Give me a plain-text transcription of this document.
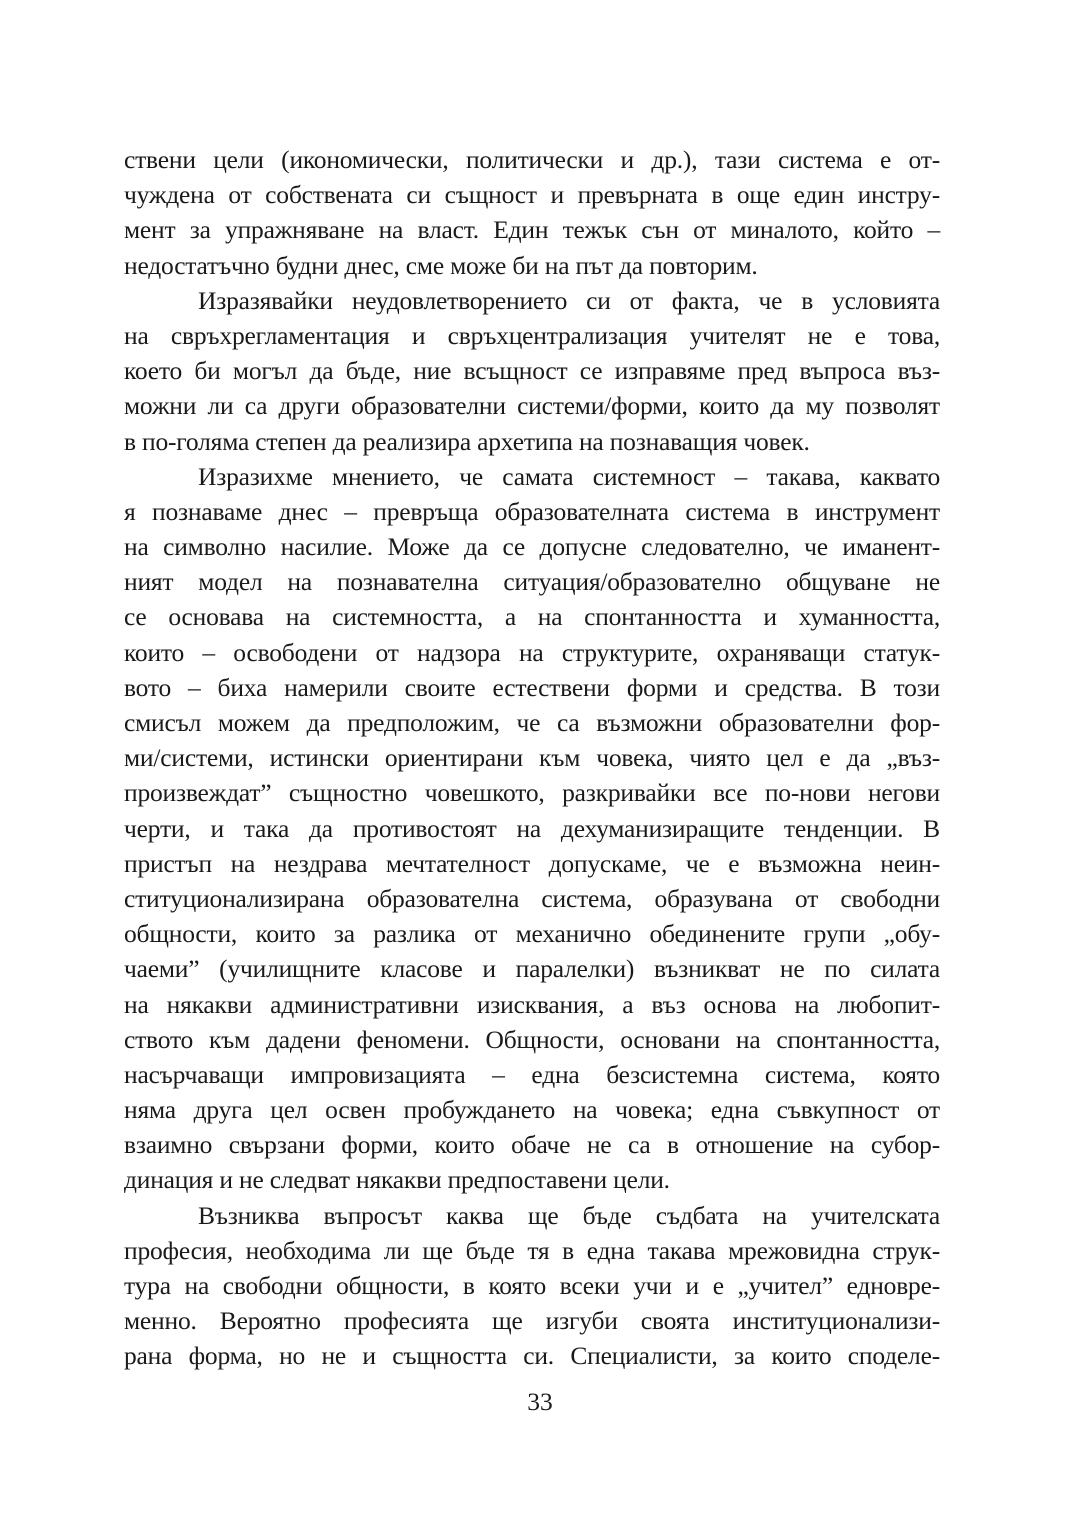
ствени цели (икономически, политически и др.), тази система е от-
чуждена от собствената си същност и превърната в още един инстру-
мент за упражняване на власт. Един тежък сън от миналото, който –
недостатъчно будни днес, сме може би на път да повторим.
Изразявайки неудовлетворението си от факта, че в условията
на свръхрегламентация и свръхцентрализация учителят не е това,
което би могъл да бъде, ние всъщност се изправяме пред въпроса въз-
можни ли са други образователни системи/форми, които да му позволят
в по-голяма степен да реализира архетипа на познаващия човек.
Изразихме мнението, че самата системност – такава, каквато
я познаваме днес – превръща образователната система в инструмент
на символно насилие. Може да се допусне следователно, че иманент-
ният модел на познавателна ситуация/образователно общуване не
се основава на системността, а на спонтанността и хуманността,
които – освободени от надзора на структурите, охраняващи статук-
вото – биха намерили своите естествени форми и средства. В този
смисъл можем да предположим, че са възможни образователни фор-
ми/системи, истински ориентирани към човека, чиято цел е да „въз-
произвеждат” същностно човешкото, разкривайки все по-нови негови
черти, и така да противостоят на дехуманизиращите тенденции. В
пристъп на нездрава мечтателност допускаме, че е възможна неин-
ституционализирана образователна система, образувана от свободни
общности, които за разлика от механично обединените групи „обу-
чаеми” (училищните класове и паралелки) възникват не по силата
на някакви административни изисквания, а въз основа на любопит-
ството към дадени феномени. Общности, основани на спонтанността,
насърчаващи импровизацията – една безсистемна система, която
няма друга цел освен пробуждането на човека; една съвкупност от
взаимно свързани форми, които обаче не са в отношение на субор-
динация и не следват някакви предпоставени цели.
Възниква въпросът каква ще бъде съдбата на учителската
професия, необходима ли ще бъде тя в една такава мрежовидна струк-
тура на свободни общности, в която всеки учи и е „учител” едновре-
менно. Вероятно професията ще изгуби своята институционализи-
рана форма, но не и същността си. Специалисти, за които споделе-
33
